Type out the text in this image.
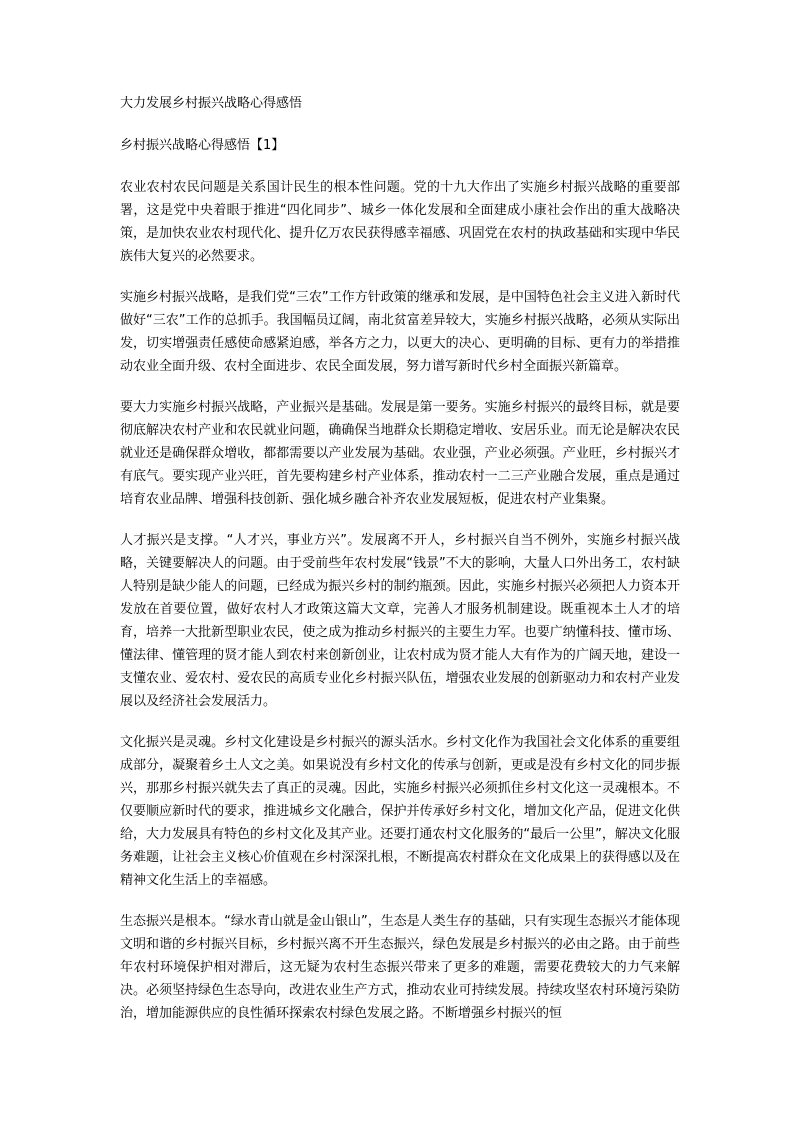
大力发展乡村振兴战略心得感悟
乡村振兴战略心得感悟【1】

农业农村农民问题是关系国计民生的根本性问题。党的十九大作出了实施乡村振兴战略的重要部署，这是党中央着眼于推进“四化同步”、城乡一体化发展和全面建成小康社会作出的重大战略决策，是加快农业农村现代化、提升亿万农民获得感幸福感、巩固党在农村的执政基础和实现中华民族伟大复兴的必然要求。

实施乡村振兴战略，是我们党“三农”工作方针政策的继承和发展，是中国特色社会主义进入新时代做好“三农”工作的总抓手。我国幅员辽阔，南北贫富差异较大，实施乡村振兴战略，必须从实际出发，切实增强责任感使命感紧迫感，举各方之力，以更大的决心、更明确的目标、更有力的举措推动农业全面升级、农村全面进步、农民全面发展，努力谱写新时代乡村全面振兴新篇章。

要大力实施乡村振兴战略，产业振兴是基础。发展是第一要务。实施乡村振兴的最终目标，就是要彻底解决农村产业和农民就业问题，确确保当地群众长期稳定增收、安居乐业。而无论是解决农民就业还是确保群众增收，都都需要以产业发展为基础。农业强，产业必须强。产业旺，乡村振兴才有底气。要实现产业兴旺，首先要构建乡村产业体系，推动农村一二三产业融合发展，重点是通过培育农业品牌、增强科技创新、强化城乡融合补齐农业发展短板，促进农村产业集聚。

人才振兴是支撑。“人才兴，事业方兴”。发展离不开人，乡村振兴自当不例外，实施乡村振兴战略，关键要解决人的问题。由于受前些年农村发展“钱景”不大的影响，大量人口外出务工，农村缺人特别是缺少能人的问题，已经成为振兴乡村的制约瓶颈。因此，实施乡村振兴必须把人力资本开发放在首要位置，做好农村人才政策这篇大文章，完善人才服务机制建设。既重视本土人才的培育，培养一大批新型职业农民，使之成为推动乡村振兴的主要生力军。也要广纳懂科技、懂市场、懂法律、懂管理的贤才能人到农村来创新创业，让农村成为贤才能人大有作为的广阔天地，建设一支懂农业、爱农村、爱农民的高质专业化乡村振兴队伍，增强农业发展的创新驱动力和农村产业发展以及经济社会发展活力。

文化振兴是灵魂。乡村文化建设是乡村振兴的源头活水。乡村文化作为我国社会文化体系的重要组成部分，凝聚着乡土人文之美。如果说没有乡村文化的传承与创新，更或是没有乡村文化的同步振兴，那那乡村振兴就失去了真正的灵魂。因此，实施乡村振兴必须抓住乡村文化这一灵魂根本。不仅要顺应新时代的要求，推进城乡文化融合，保护并传承好乡村文化，增加文化产品，促进文化供给，大力发展具有特色的乡村文化及其产业。还要打通农村文化服务的“最后一公里”，解决文化服务难题，让社会主义核心价值观在乡村深深扎根，不断提高农村群众在文化成果上的获得感以及在精神文化生活上的幸福感。

生态振兴是根本。“绿水青山就是金山银山”，生态是人类生存的基础，只有实现生态振兴才能体现文明和谐的乡村振兴目标，乡村振兴离不开生态振兴，绿色发展是乡村振兴的必由之路。由于前些年农村环境保护相对滞后，这无疑为农村生态振兴带来了更多的难题，需要花费较大的力气来解决。必须坚持绿色生态导向，改进农业生产方式，推动农业可持续发展。持续攻坚农村环境污染防治，增加能源供应的良性循环探索农村绿色发展之路。不断增强乡村振兴的恒
